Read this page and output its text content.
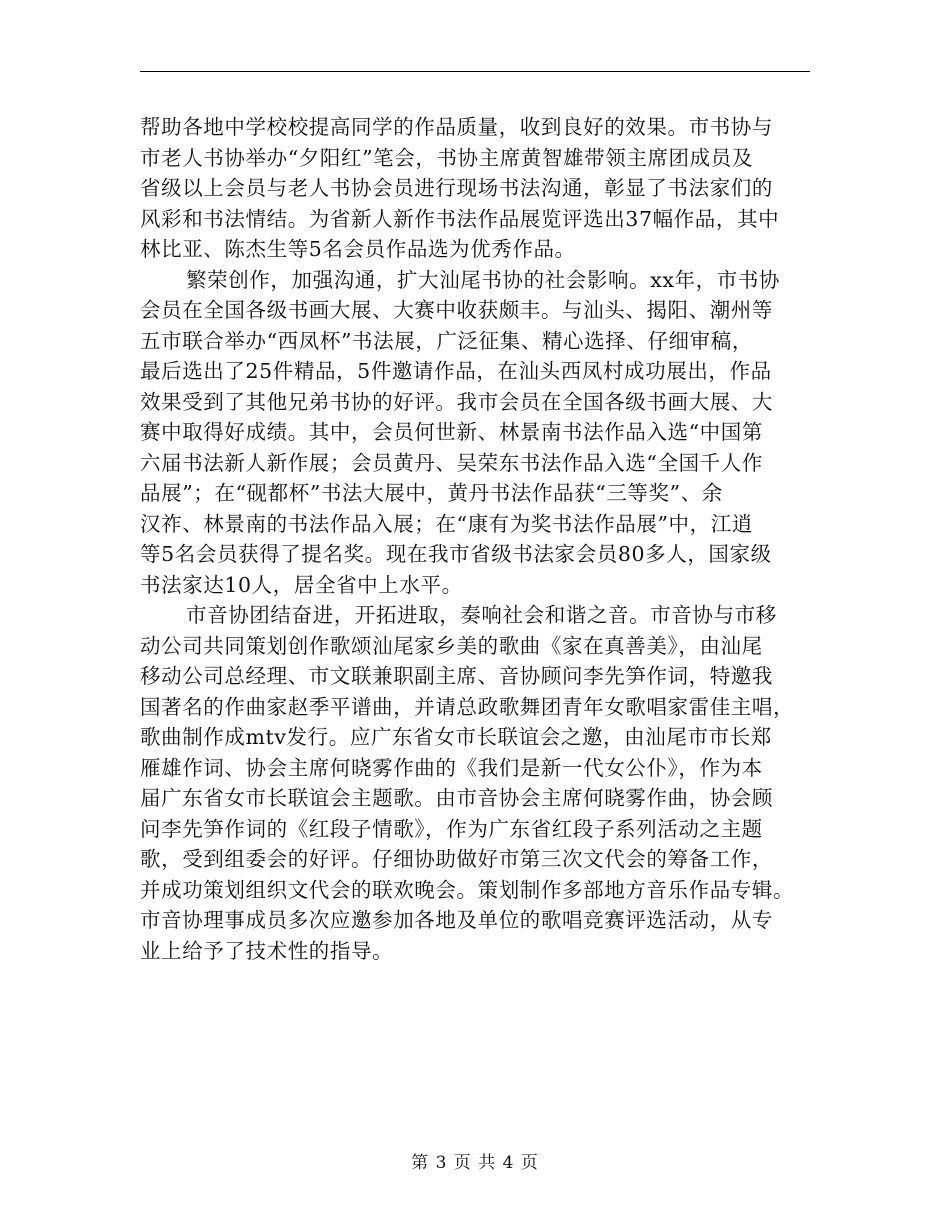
帮助各地中学校校提高同学的作品质量，收到良好的效果。市书协与
市老人书协举办“夕阳红”笔会，书协主席黄智雄带领主席团成员及
省级以上会员与老人书协会员进行现场书法沟通，彰显了书法家们的
风彩和书法情结。为省新人新作书法作品展览评选出37幅作品，其中
林比亚、陈杰生等5名会员作品选为优秀作品。
繁荣创作，加强沟通，扩大汕尾书协的社会影响。xx年，市书协
会员在全国各级书画大展、大赛中收获颇丰。与汕头、揭阳、潮州等
五市联合举办“西凤杯”书法展，广泛征集、精心选择、仔细审稿，
最后选出了25件精品，5件邀请作品，在汕头西凤村成功展出，作品
效果受到了其他兄弟书协的好评。我市会员在全国各级书画大展、大
赛中取得好成绩。其中，会员何世新、林景南书法作品入选“中国第
六届书法新人新作展；会员黄丹、吴荣东书法作品入选“全国千人作
品展”；在“砚都杯”书法大展中，黄丹书法作品获“三等奖”、余
汉祚、林景南的书法作品入展；在“康有为奖书法作品展”中，江逍
等5名会员获得了提名奖。现在我市省级书法家会员80多人，国家级
书法家达10人，居全省中上水平。
市音协团结奋进，开拓进取，奏响社会和谐之音。市音协与市移
动公司共同策划创作歌颂汕尾家乡美的歌曲《家在真善美》，由汕尾
移动公司总经理、市文联兼职副主席、音协顾问李先笋作词，特邀我
国著名的作曲家赵季平谱曲，并请总政歌舞团青年女歌唱家雷佳主唱，
歌曲制作成mtv发行。应广东省女市长联谊会之邀，由汕尾市市长郑
雁雄作词、协会主席何晓雾作曲的《我们是新一代女公仆》，作为本
届广东省女市长联谊会主题歌。由市音协会主席何晓雾作曲，协会顾
问李先笋作词的《红段子情歌》，作为广东省红段子系列活动之主题
歌，受到组委会的好评。仔细协助做好市第三次文代会的筹备工作，
并成功策划组织文代会的联欢晚会。策划制作多部地方音乐作品专辑。
市音协理事成员多次应邀参加各地及单位的歌唱竞赛评选活动，从专
业上给予了技术性的指导。
第 3 页 共 4 页
